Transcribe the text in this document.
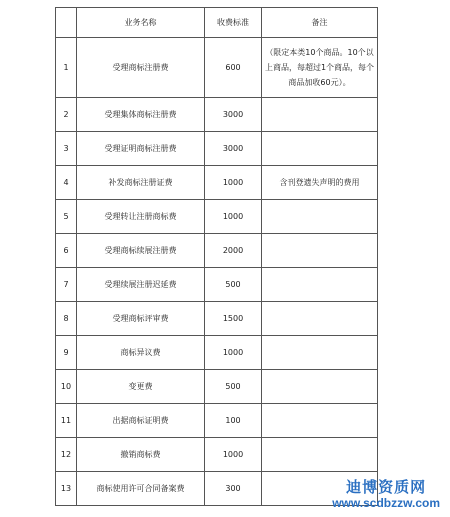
	业务名称	收费标准	备注
1	受理商标注册费	600	（限定本类10个商品。10个以上商品，每超过1个商品，每个商品加收60元）。
2	受理集体商标注册费	3000	
3	受理证明商标注册费	3000	
4	补发商标注册证费	1000	含刊登遗失声明的费用
5	受理转让注册商标费	1000	
6	受理商标续展注册费	2000	
7	受理续展注册迟延费	500	
8	受理商标评审费	1500	
9	商标异议费	1000	
10	变更费	500	
11	出据商标证明费	100	
12	撤销商标费	1000	
13	商标使用许可合同备案费	300		迪博资质网
www.scdbzzw.com
